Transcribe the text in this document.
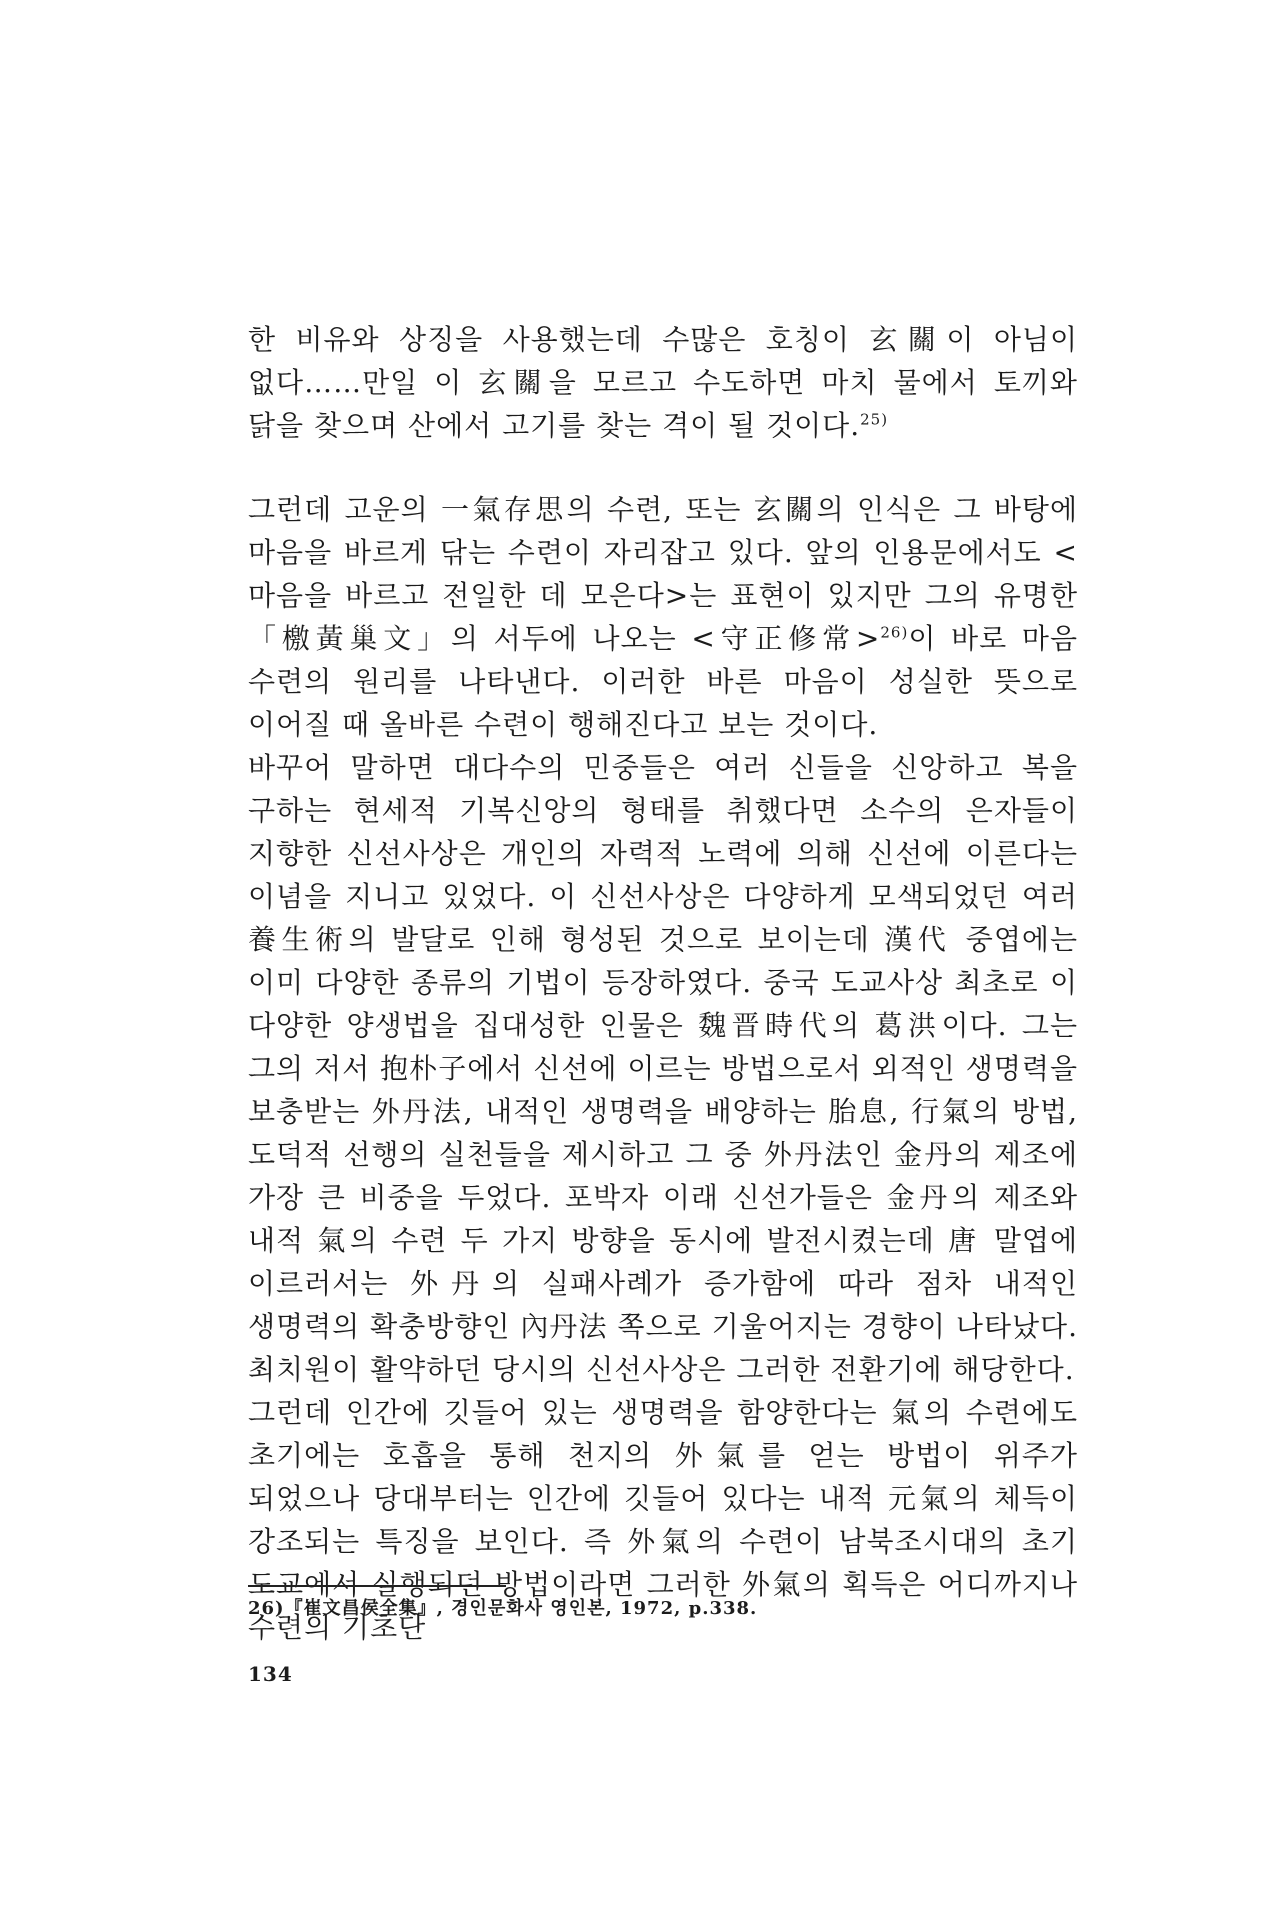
한 비유와 상징을 사용했는데 수많은 호칭이 玄關이 아님이 없다……만일 이 玄關을 모르고 수도하면 마치 물에서 토끼와 닭을 찾으며 산에서 고기를 찾는 격이 될 것이다.$^{25)}$

그런데 고운의 一氣存思의 수련, 또는 玄關의 인식은 그 바탕에 마음을 바르게 닦는 수련이 자리잡고 있다. 앞의 인용문에서도 <마음을 바르고 전일한 데 모은다>는 표현이 있지만 그의 유명한「檄黃巢文」의 서두에 나오는 <守正修常>$^{26)}$이 바로 마음 수련의 원리를 나타낸다. 이러한 바른 마음이 성실한 뜻으로 이어질 때 올바른 수련이 행해진다고 보는 것이다.

바꾸어 말하면 대다수의 민중들은 여러 신들을 신앙하고 복을 구하는 현세적 기복신앙의 형태를 취했다면 소수의 은자들이 지향한 신선사상은 개인의 자력적 노력에 의해 신선에 이른다는 이념을 지니고 있었다. 이 신선사상은 다양하게 모색되었던 여러 養生術의 발달로 인해 형성된 것으로 보이는데 漢代 중엽에는 이미 다양한 종류의 기법이 등장하였다. 중국 도교사상 최초로 이 다양한 양생법을 집대성한 인물은 魏晋時代의 葛洪이다. 그는 그의 저서 抱朴子에서 신선에 이르는 방법으로서 외적인 생명력을 보충받는 外丹法, 내적인 생명력을 배양하는 胎息, 行氣의 방법, 도덕적 선행의 실천들을 제시하고 그 중 外丹法인 金丹의 제조에 가장 큰 비중을 두었다. 포박자 이래 신선가들은 金丹의 제조와 내적 氣의 수련 두 가지 방향을 동시에 발전시켰는데 唐 말엽에 이르러서는 外丹의 실패사례가 증가함에 따라 점차 내적인 생명력의 확충방향인 內丹法 쪽으로 기울어지는 경향이 나타났다. 최치원이 활약하던 당시의 신선사상은 그러한 전환기에 해당한다.

그런데 인간에 깃들어 있는 생명력을 함양한다는 氣의 수련에도 초기에는 호흡을 통해 천지의 外氣를 얻는 방법이 위주가 되었으나 당대부터는 인간에 깃들어 있다는 내적 元氣의 체득이 강조되는 특징을 보인다. 즉 外氣의 수련이 남북조시대의 초기 도교에서 실행되던 방법이라면 그러한 外氣의 획득은 어디까지나 수련의 기초단

26)『崔文昌侯全集』, 경인문화사 영인본, 1972, p.338.
134
